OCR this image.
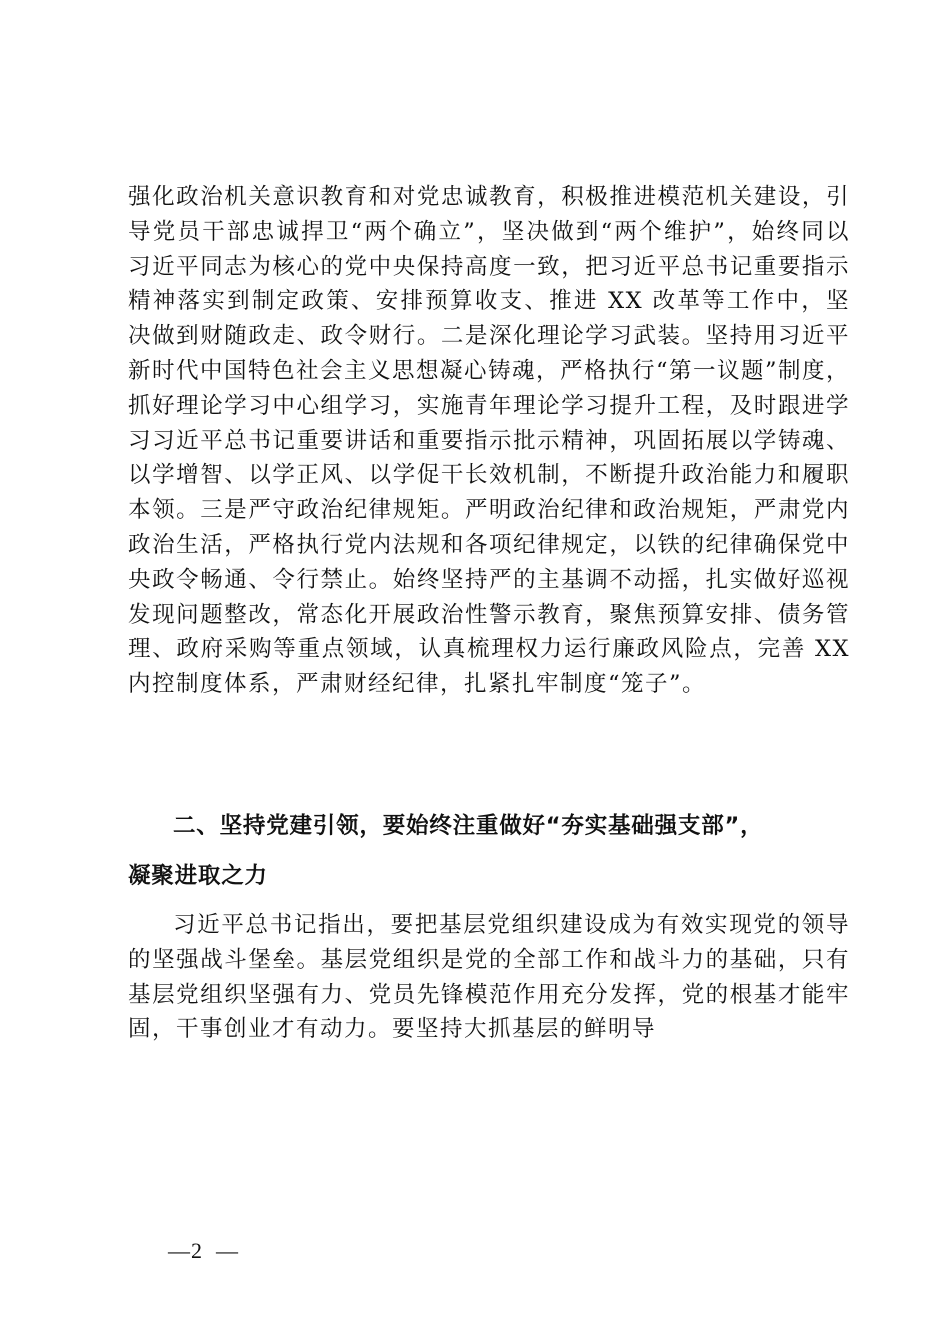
强化政治机关意识教育和对党忠诚教育，积极推进模范机关建设，引导党员干部忠诚捍卫“两个确立”，坚决做到“两个维护”，始终同以习近平同志为核心的党中央保持高度一致，把习近平总书记重要指示精神落实到制定政策、安排预算收支、推进 XX 改革等工作中，坚决做到财随政走、政令财行。二是深化理论学习武装。坚持用习近平新时代中国特色社会主义思想凝心铸魂，严格执行“第一议题”制度，抓好理论学习中心组学习，实施青年理论学习提升工程，及时跟进学习习近平总书记重要讲话和重要指示批示精神，巩固拓展以学铸魂、以学增智、以学正风、以学促干长效机制，不断提升政治能力和履职本领。三是严守政治纪律规矩。严明政治纪律和政治规矩，严肃党内政治生活，严格执行党内法规和各项纪律规定，以铁的纪律确保党中央政令畅通、令行禁止。始终坚持严的主基调不动摇，扎实做好巡视发现问题整改，常态化开展政治性警示教育，聚焦预算安排、债务管理、政府采购等重点领域，认真梳理权力运行廉政风险点，完善 XX 内控制度体系，严肃财经纪律，扎紧扎牢制度“笼子”。

二、坚持党建引领，要始终注重做好“夯实基础强支部”，

凝聚进取之力

习近平总书记指出，要把基层党组织建设成为有效实现党的领导的坚强战斗堡垒。基层党组织是党的全部工作和战斗力的基础，只有基层党组织坚强有力、党员先锋模范作用充分发挥，党的根基才能牢固，干事创业才有动力。要坚持大抓基层的鲜明导

—2  —
